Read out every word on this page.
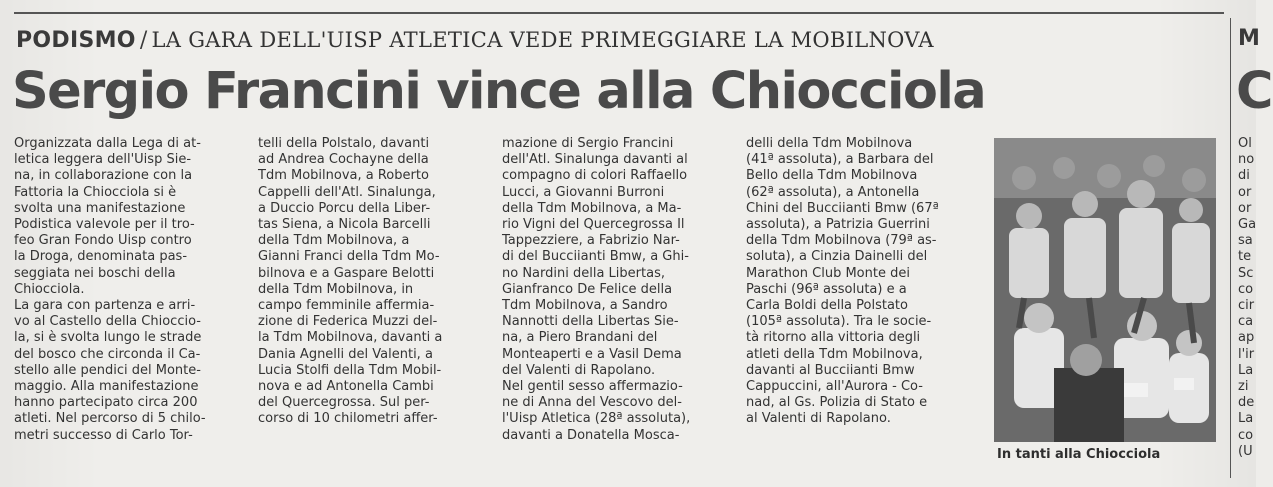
PODISMO / LA GARA DELL'UISP ATLETICA VEDE PRIMEGGIARE LA MOBILNOVA
Sergio Francini vince alla Chiocciola
Organizzata dalla Lega di at-
letica leggera dell'Uisp Sie-
na, in collaborazione con la
Fattoria la Chiocciola si è
svolta una manifestazione
Podistica valevole per il tro-
feo Gran Fondo Uisp contro
la Droga, denominata pas-
seggiata nei boschi della
Chiocciola.
La gara con partenza e arri-
vo al Castello della Chioccio-
la, si è svolta lungo le strade
del bosco che circonda il Ca-
stello alle pendici del Monte-
maggio. Alla manifestazione
hanno partecipato circa 200
atleti. Nel percorso di 5 chilo-
metri successo di Carlo Tor-
telli della Polstalo, davanti
ad Andrea Cochayne della
Tdm Mobilnova, a Roberto
Cappelli dell'Atl. Sinalunga,
a Duccio Porcu della Liber-
tas Siena, a Nicola Barcelli
della Tdm Mobilnova, a
Gianni Franci della Tdm Mo-
bilnova e a Gaspare Belotti
della Tdm Mobilnova, in
campo femminile affermia-
zione di Federica Muzzi del-
la Tdm Mobilnova, davanti a
Dania Agnelli del Valenti, a
Lucia Stolfi della Tdm Mobil-
nova e ad Antonella Cambi
del Quercegrossa. Sul per-
corso di 10 chilometri affer-
mazione di Sergio Francini
dell'Atl. Sinalunga davanti al
compagno di colori Raffaello
Lucci, a Giovanni Burroni
della Tdm Mobilnova, a Ma-
rio Vigni del Quercegrossa Il
Tappezziere, a Fabrizio Nar-
di del Bucciianti Bmw, a Ghi-
no Nardini della Libertas,
Gianfranco De Felice della
Tdm Mobilnova, a Sandro
Nannotti della Libertas Sie-
na, a Piero Brandani del
Monteaperti e a Vasil Dema
del Valenti di Rapolano.
Nel gentil sesso affermazio-
ne di Anna del Vescovo del-
l'Uisp Atletica (28ª assoluta),
davanti a Donatella Mosca-
delli della Tdm Mobilnova
(41ª assoluta), a Barbara del
Bello della Tdm Mobilnova
(62ª assoluta), a Antonella
Chini del Bucciianti Bmw (67ª
assoluta), a Patrizia Guerrini
della Tdm Mobilnova (79ª as-
soluta), a Cinzia Dainelli del
Marathon Club Monte dei
Paschi (96ª assoluta) e a
Carla Boldi della Polstato
(105ª assoluta). Tra le socie-
tà ritorno alla vittoria degli
atleti della Tdm Mobilnova,
davanti al Bucciianti Bmw
Cappuccini, all'Aurora - Co-
nad, al Gs. Polizia di Stato e
al Valenti di Rapolano.
In tanti alla Chiocciola
M
C
Ol
no
di
or
or
Ga
sa
te
Sc
co
cir
ca
ap
l'ir
La
zi
de
La
co
(U
